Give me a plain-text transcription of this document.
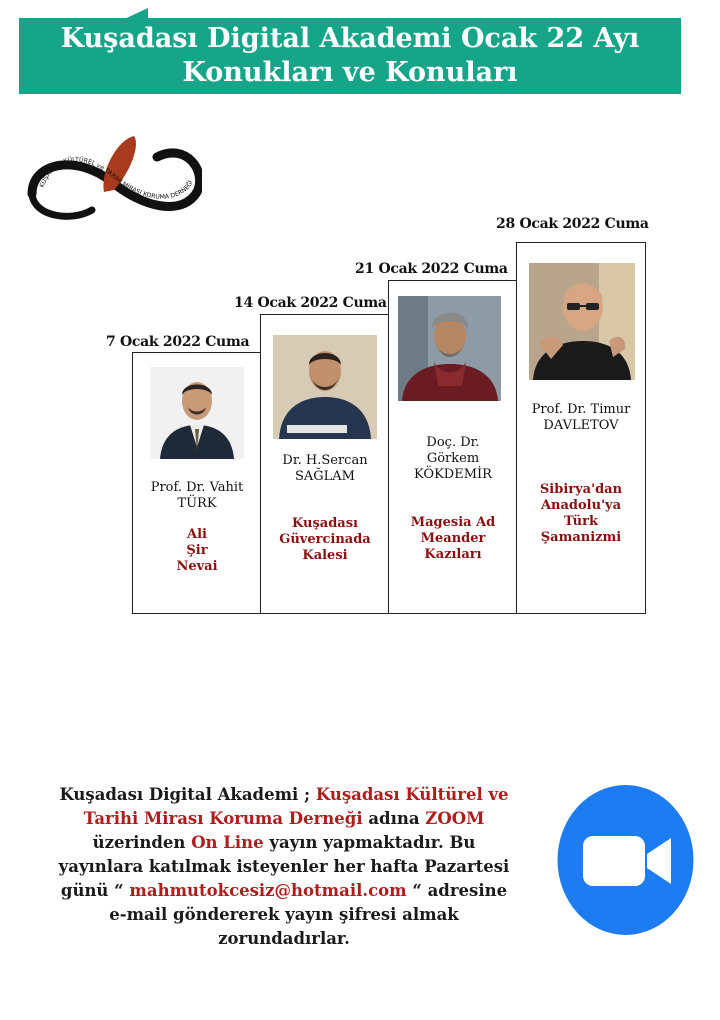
Kuşadası Digital Akademi Ocak 22 Ayı
Konukları ve Konuları
KUŞADASI KÜLTÜREL ve TARİHİ MİRASI KORUMA DERNEĞİ
7 Ocak 2022 Cuma
14 Ocak 2022 Cuma
21 Ocak 2022 Cuma
28 Ocak 2022 Cuma
Prof. Dr. Vahit
TÜRK
Ali
Şir
Nevai
Dr. H.Sercan
SAĞLAM
Kuşadası
Güvercinada
Kalesi
Doç. Dr.
Görkem
KÖKDEMİR
Magesia Ad
Meander
Kazıları
Prof. Dr. Timur
DAVLETOV
Sibirya'dan
Anadolu'ya
Türk
Şamanizmi
Kuşadası Digital Akademi ; Kuşadası Kültürel ve
Tarihi Mirası Koruma Derneği adına ZOOM
üzerinden On Line yayın yapmaktadır. Bu
yayınlara katılmak isteyenler her hafta Pazartesi
günü “ mahmutokcesiz@hotmail.com “ adresine
e-mail göndererek yayın şifresi almak
zorundadırlar.
